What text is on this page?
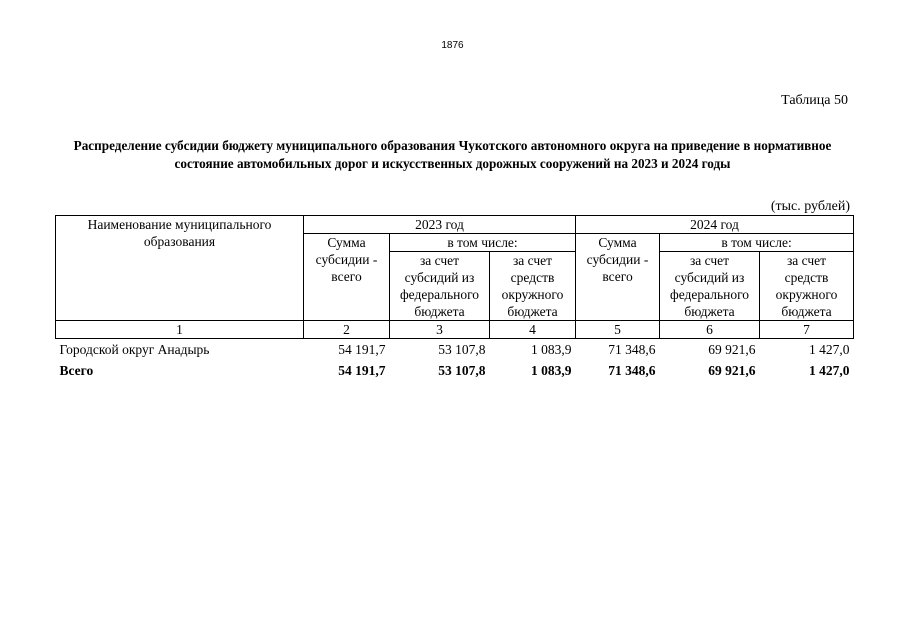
1876
Таблица 50
Распределение субсидии бюджету муниципального образования Чукотского автономного округа на приведение в нормативное состояние автомобильных дорог и искусственных дорожных сооружений на 2023 и 2024 годы
(тыс. рублей)
Наименование муниципального образования	2023 год			2024 год		
	Сумма субсидии - всего	в том числе:		Сумма субсидии - всего	в том числе:	
		за счет субсидий из федерального бюджета	за счет средств окружного бюджета		за счет субсидий из федерального бюджета	за счет средств окружного бюджета
1	2	3	4	5	6	7
Городской округ Анадырь	54 191,7	53 107,8	1 083,9	71 348,6	69 921,6	1 427,0
Всего	54 191,7	53 107,8	1 083,9	71 348,6	69 921,6	1 427,0
